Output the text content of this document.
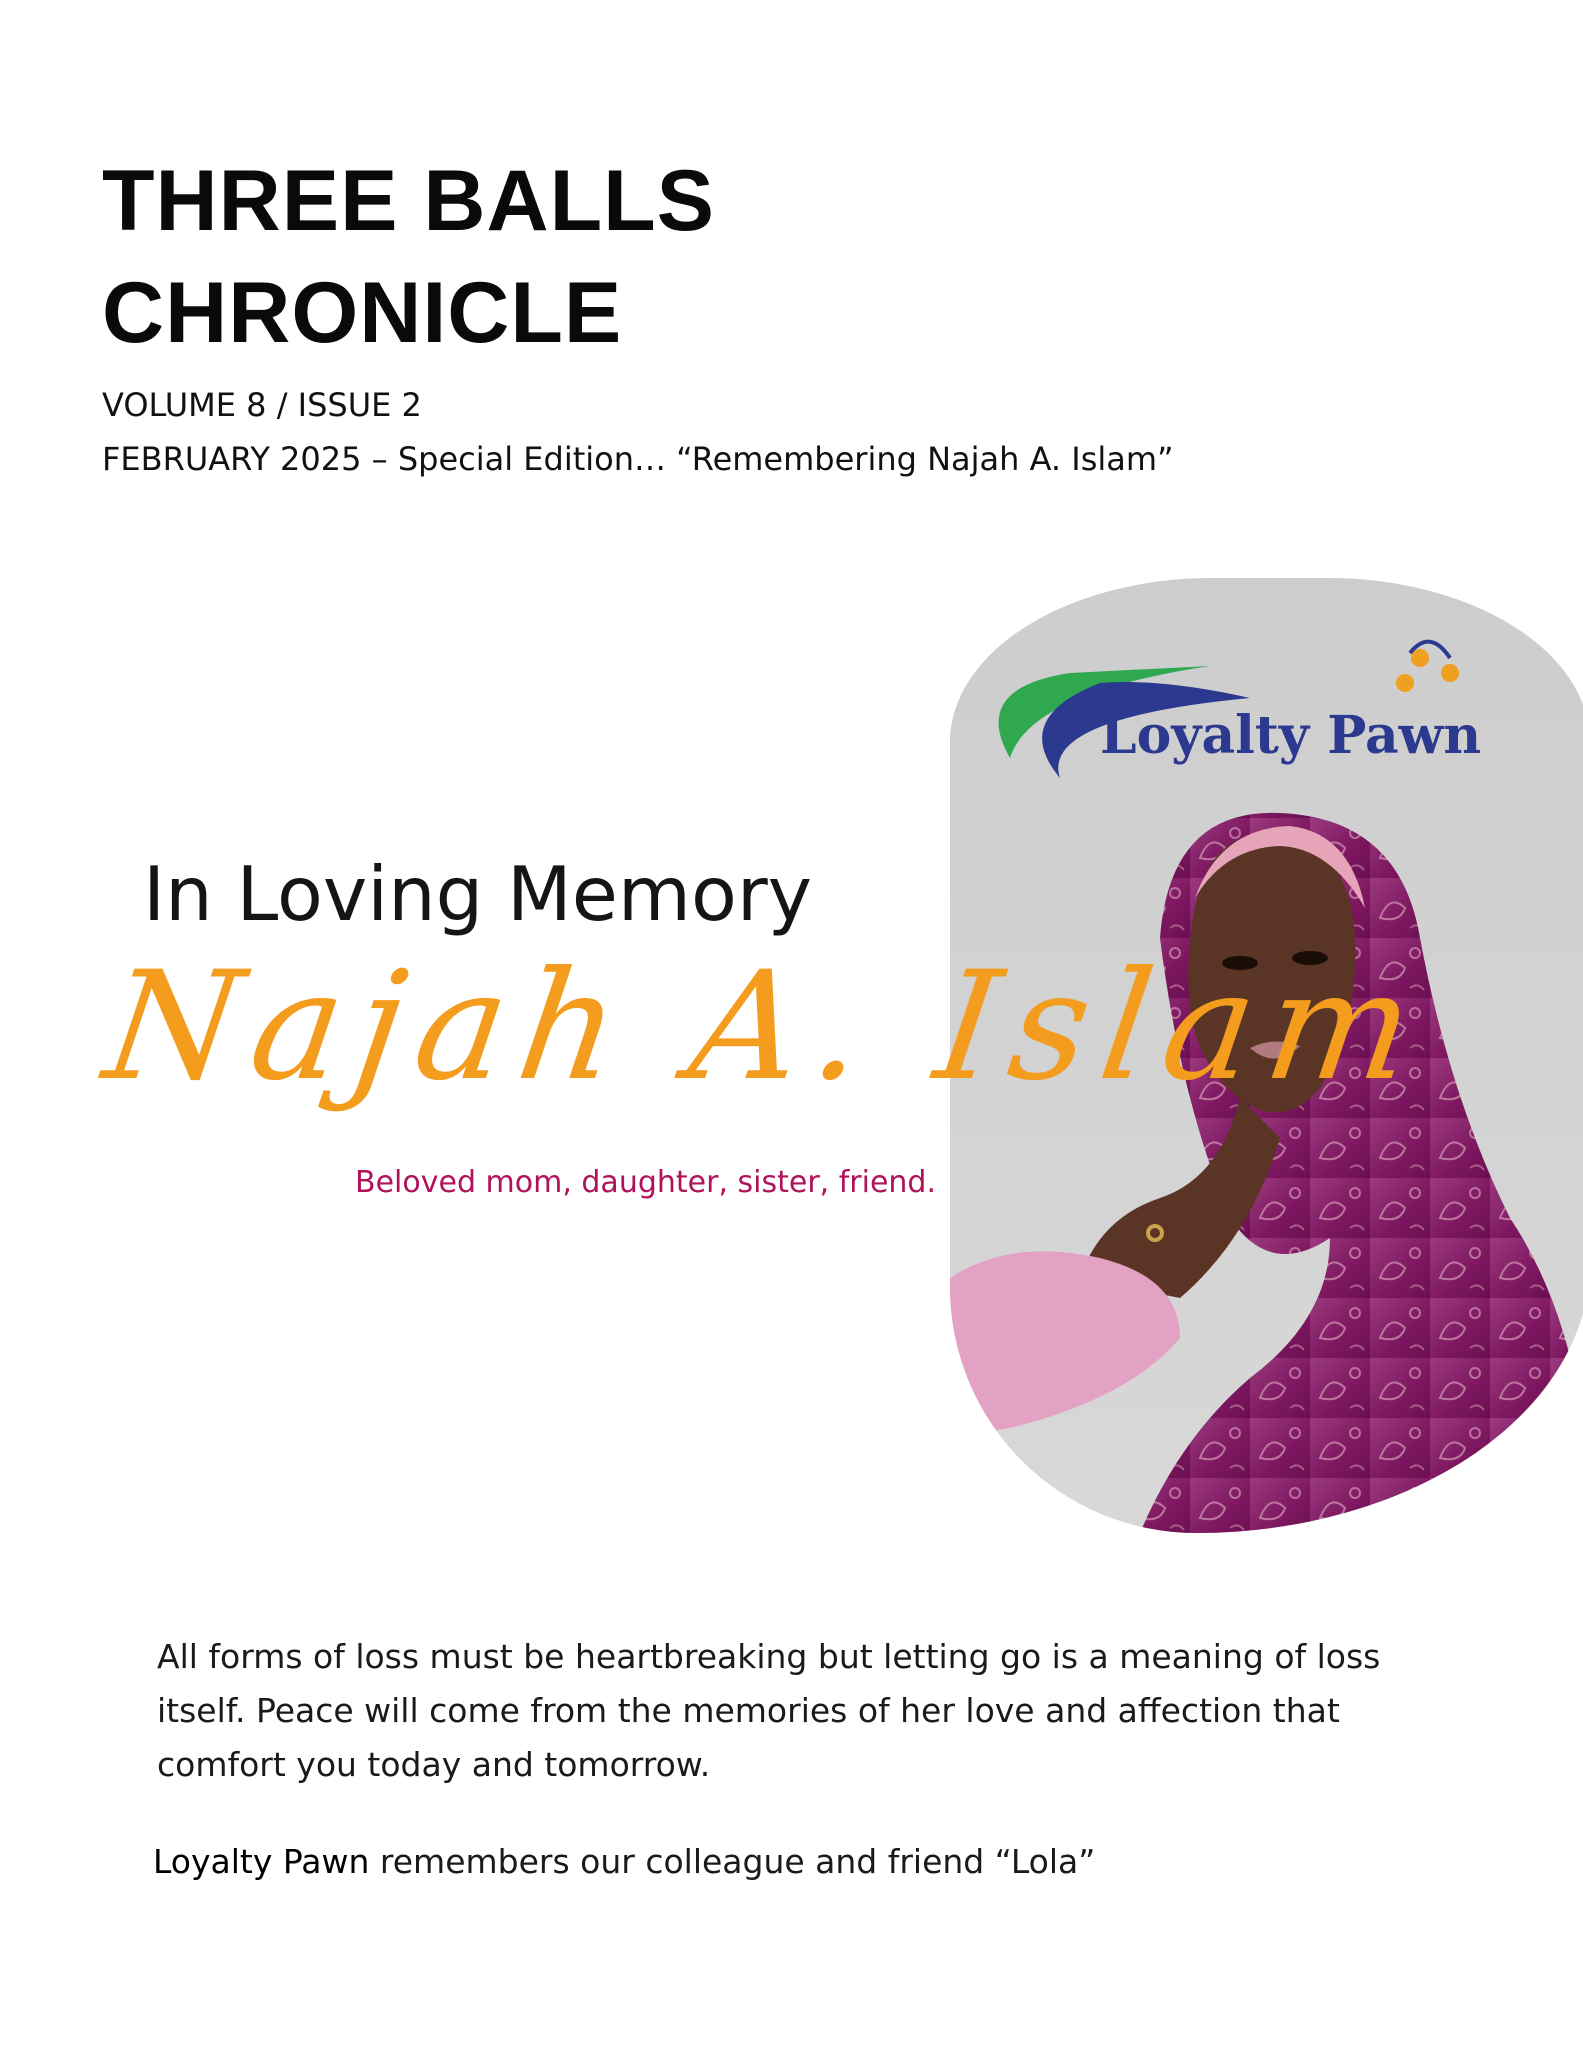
THREE BALLS
CHRONICLE
VOLUME 8 / ISSUE 2
FEBRUARY 2025 – Special Edition… “Remembering Najah A. Islam”
Loyalty Pawn
In Loving Memory
Najah A. Islam
Beloved mom, daughter, sister, friend.
All forms of loss must be heartbreaking but letting go is a meaning of loss
itself. Peace will come from the memories of her love and affection that
comfort you today and tomorrow.
Loyalty Pawn remembers our colleague and friend “Lola”
